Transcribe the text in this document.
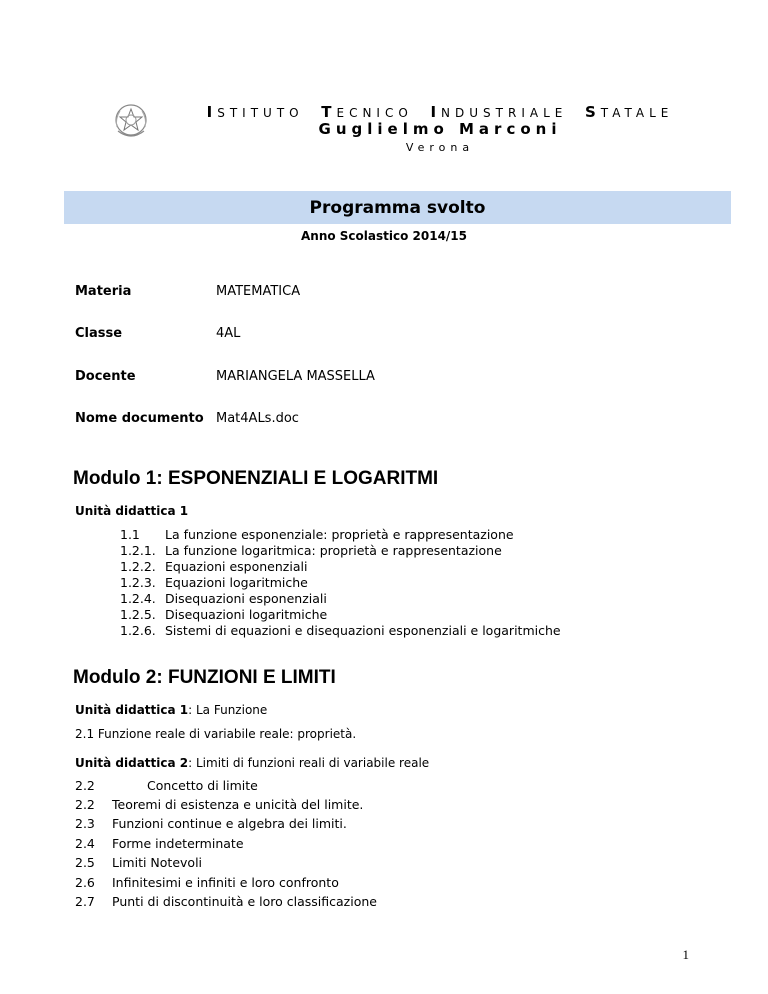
ISTITUTO TECNICO INDUSTRIALE STATALE
Guglielmo Marconi
Verona
Programma svolto
Anno Scolastico 2014/15
Materia	MATEMATICA
Classe	4AL
Docente	MARIANGELA MASSELLA
Nome documento Mat4ALs.doc
Modulo 1: ESPONENZIALI E LOGARITMI
Unità didattica 1
1.1 La funzione esponenziale: proprietà e rappresentazione
1.2.1. La funzione logaritmica: proprietà e rappresentazione
1.2.2. Equazioni esponenziali
1.2.3. Equazioni logaritmiche
1.2.4. Disequazioni esponenziali
1.2.5. Disequazioni logaritmiche
1.2.6. Sistemi di equazioni e disequazioni esponenziali e logaritmiche
Modulo 2: FUNZIONI E LIMITI
Unità didattica 1: La Funzione
2.1 Funzione reale di variabile reale: proprietà.
Unità didattica 2: Limiti di funzioni reali di variabile reale
2.2	Concetto di limite
2.2 Teoremi di esistenza e unicità del limite.
2.3 Funzioni continue e algebra dei limiti.
2.4 Forme indeterminate
2.5 Limiti Notevoli
2.6 Infinitesimi e infiniti e loro confronto
2.7 Punti di discontinuità e loro classificazione
1
